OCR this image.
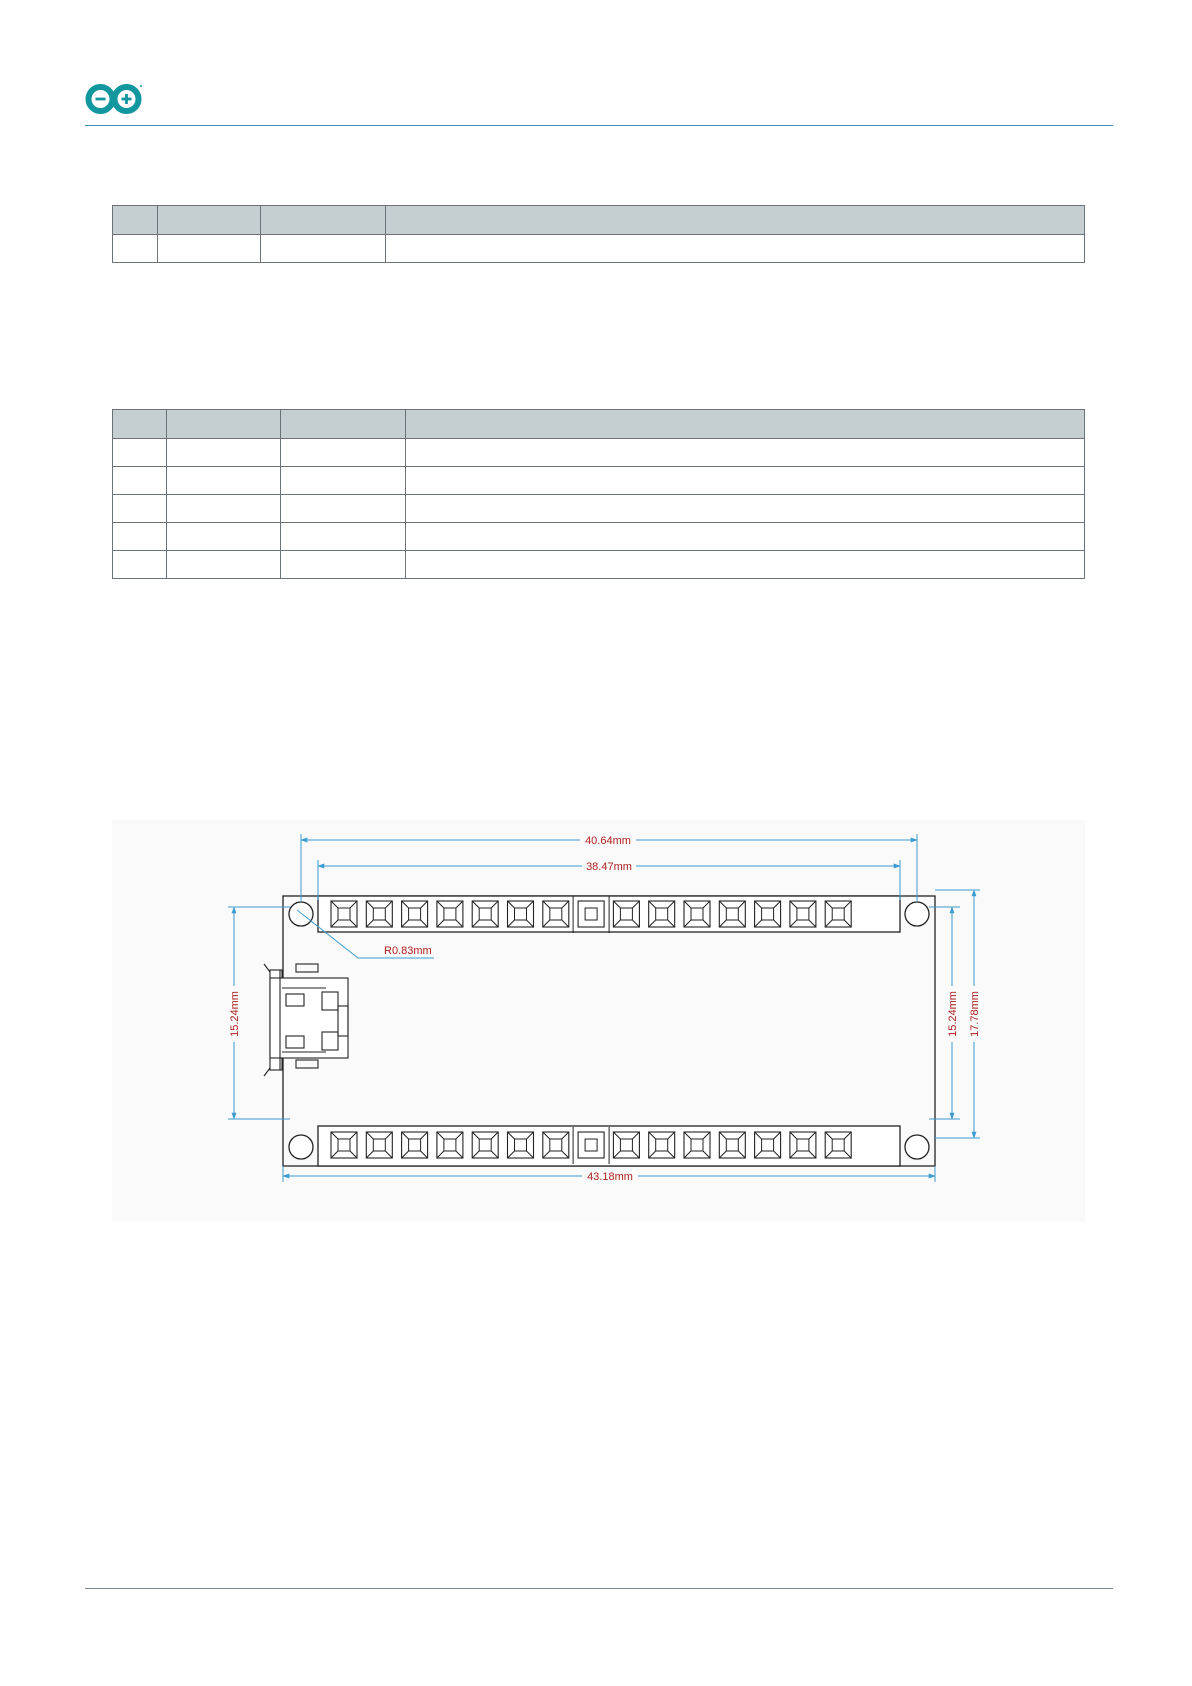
40.64mm
38.47mm
43.18mm
R0.83mm
15.24mm	15.24mm 17.78mm
